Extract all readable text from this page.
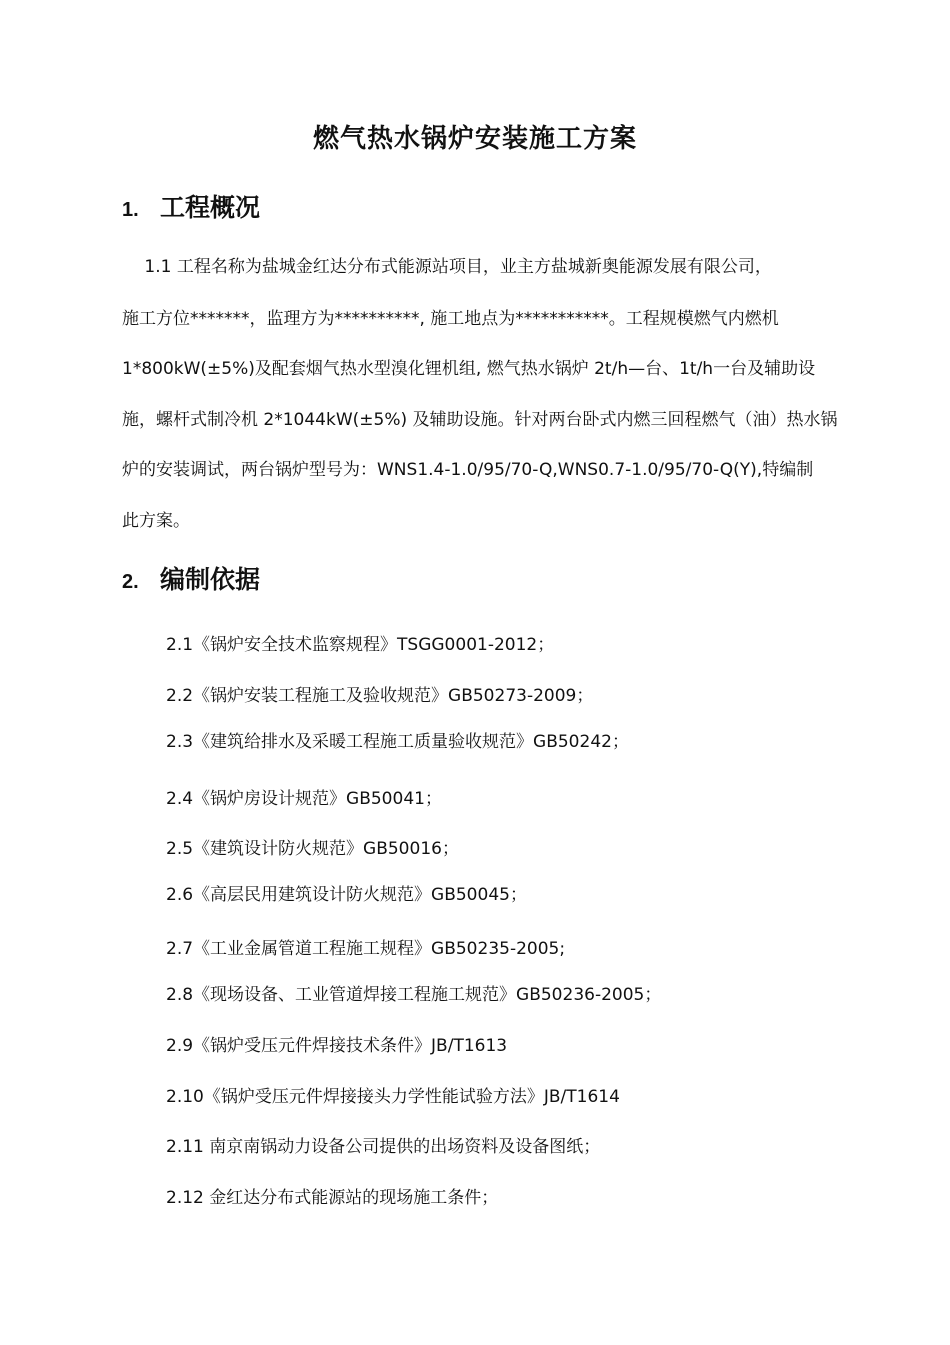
燃气热水锅炉安装施工方案
1. 工程概况
　 1.1 工程名称为盐城金红达分布式能源站项目，业主方盐城新奥能源发展有限公司，
施工方位*******，监理方为**********, 施工地点为***********。工程规模燃气内燃机
1*800kW(±5%)及配套烟气热水型溴化锂机组, 燃气热水锅炉 2t/h—台、1t/h一台及辅助设
施，螺杆式制冷机 2*1044kW(±5%) 及辅助设施。针对两台卧式内燃三回程燃气（油）热水锅
炉的安装调试，两台锅炉型号为：WNS1.4-1.0/95/70-Q,WNS0.7-1.0/95/70-Q(Y),特编制
此方案。
2. 编制依据
2.1《锅炉安全技术监察规程》TSGG0001-2012；
2.2《锅炉安装工程施工及验收规范》GB50273-2009；
2.3《建筑给排水及采暖工程施工质量验收规范》GB50242；
2.4《锅炉房设计规范》GB50041；
2.5《建筑设计防火规范》GB50016；
2.6《高层民用建筑设计防火规范》GB50045；
2.7《工业金属管道工程施工规程》GB50235-2005;
2.8《现场设备、工业管道焊接工程施工规范》GB50236-2005；
2.9《锅炉受压元件焊接技术条件》JB/T1613
2.10《锅炉受压元件焊接接头力学性能试验方法》JB/T1614
2.11 南京南锅动力设备公司提供的出场资料及设备图纸；
2.12 金红达分布式能源站的现场施工条件；
